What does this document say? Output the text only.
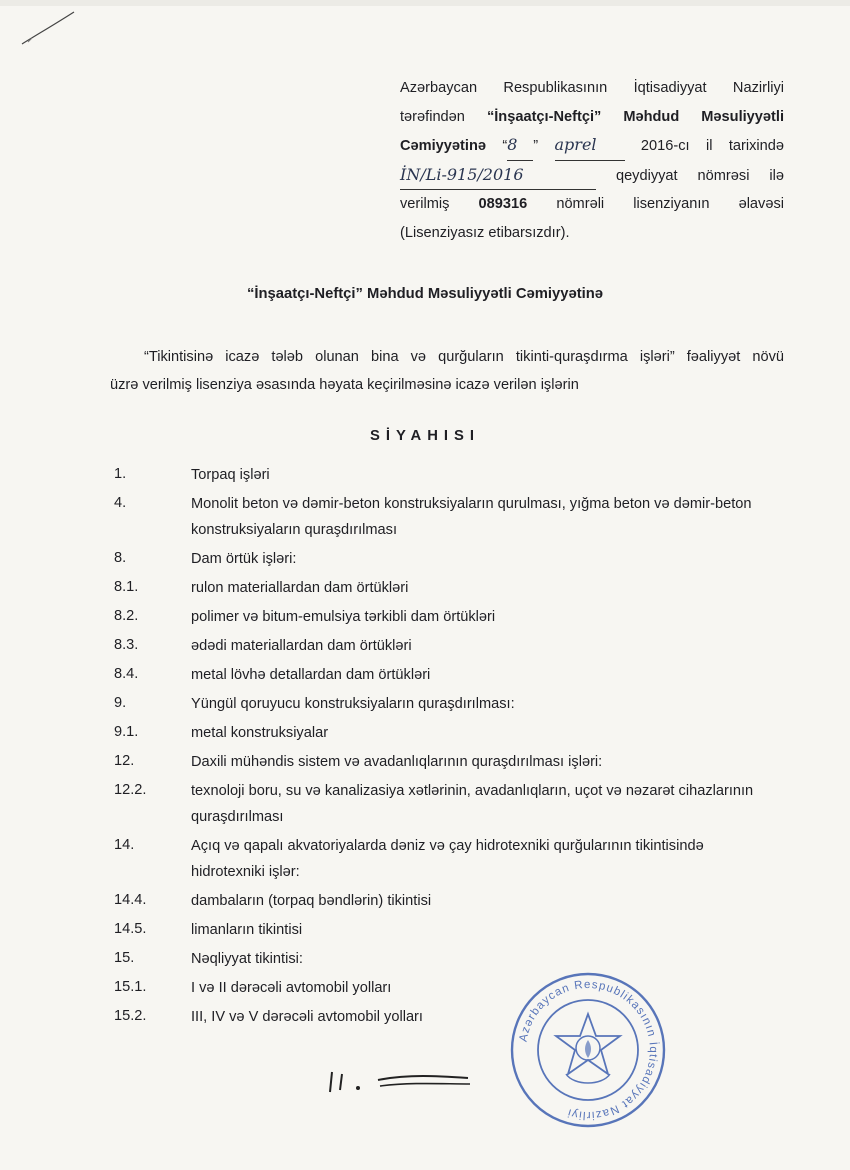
Azərbaycan Respublikasının İqtisadiyyat Nazirliyi
tərəfindən “İnşaatçı-Neftçi” Məhdud Məsuliyyətli
Cəmiyyətinə “8 ” aprel	2016-cı il tarixində
İN/Li-915/2016	qeydiyyat nömrəsi ilə
verilmiş 089316 nömrəli lisenziyanın əlavəsi
(Lisenziyasız etibarsızdır).
“İnşaatçı-Neftçi” Məhdud Məsuliyyətli Cəmiyyətinə
“Tikintisinə icazə tələb olunan bina və qurğuların tikinti-quraşdırma işləri” fəaliyyət növü
üzrə verilmiş lisenziya əsasında həyata keçirilməsinə icazə verilən işlərin
SİYAHISI
1.	Torpaq işləri
4.	Monolit beton və dəmir-beton konstruksiyaların qurulması, yığma beton və dəmir-beton konstruksiyaların quraşdırılması
8.	Dam örtük işləri:
8.1.	rulon materiallardan dam örtükləri
8.2.	polimer və bitum-emulsiya tərkibli dam örtükləri
8.3.	ədədi materiallardan dam örtükləri
8.4.	metal lövhə detallardan dam örtükləri
9.	Yüngül qoruyucu konstruksiyaların quraşdırılması:
9.1.	metal konstruksiyalar
12.	Daxili mühəndis sistem və avadanlıqlarının quraşdırılması işləri:
12.2.	texnoloji boru, su və kanalizasiya xətlərinin, avadanlıqların, uçot və nəzarət cihazlarının quraşdırılması
14.	Açıq və qapalı akvatoriyalarda dəniz və çay hidrotexniki qurğularının tikintisində hidrotexniki işlər:
14.4.	dambaların (torpaq bəndlərin) tikintisi
14.5.	limanların tikintisi
15.	Nəqliyyat tikintisi:
15.1.	I və II dərəcəli avtomobil yolları
15.2.	III, IV və V dərəcəli avtomobil yolları
Azərbaycan Respublikasının İqtisadiyyat Nazirliyi
